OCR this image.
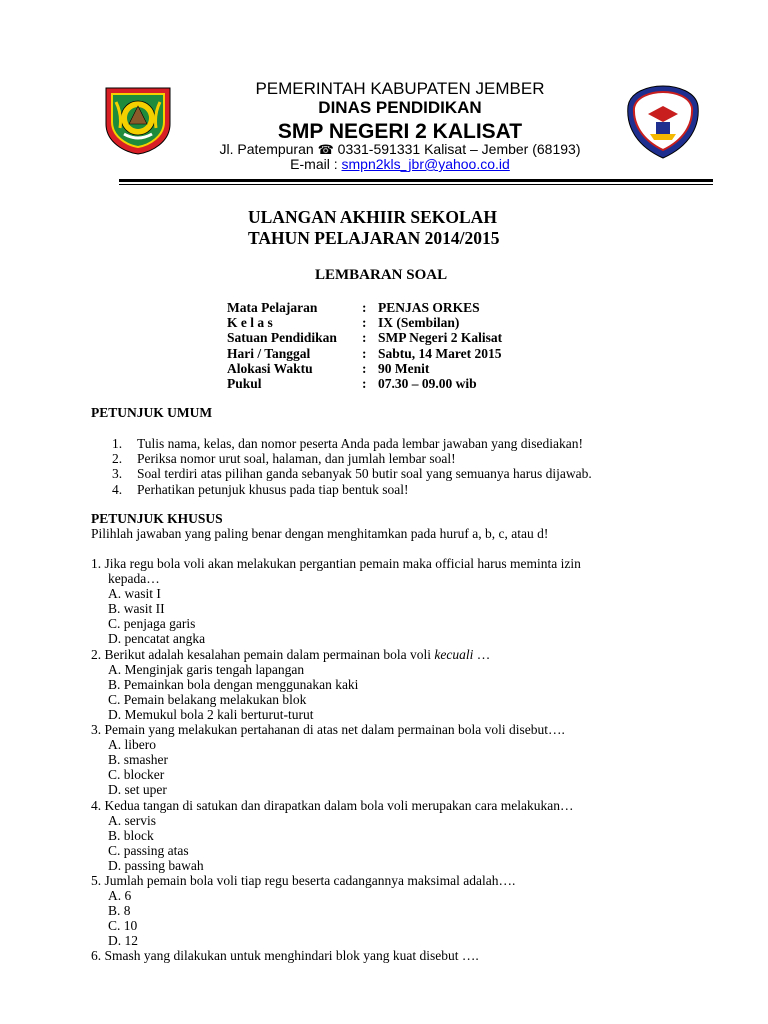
PEMERINTAH KABUPATEN JEMBER
DINAS PENDIDIKAN
SMP NEGERI 2 KALISAT
Jl. Patempuran ☎ 0331-591331 Kalisat – Jember (68193)
E-mail : smpn2kls_jbr@yahoo.co.id
ULANGAN AKHIIR SEKOLAH
TAHUN PELAJARAN 2014/2015
LEMBARAN SOAL
Mata Pelajaran	: PENJAS ORKES
K e l a s	: IX (Sembilan)
Satuan Pendidikan	: SMP Negeri 2 Kalisat
Hari / Tanggal	: Sabtu, 14 Maret 2015
Alokasi Waktu	: 90 Menit
Pukul	: 07.30 – 09.00 wib
PETUNJUK UMUM
1.	Tulis nama, kelas, dan nomor peserta Anda pada lembar jawaban yang disediakan!
2.	Periksa nomor urut soal, halaman, dan jumlah lembar soal!
3.	Soal terdiri atas pilihan ganda sebanyak 50 butir soal yang semuanya harus dijawab.
4.	Perhatikan petunjuk khusus pada tiap bentuk soal!
PETUNJUK KHUSUS
Pilihlah jawaban yang paling benar dengan menghitamkan pada huruf a, b, c, atau d!
1. Jika regu bola voli akan melakukan pergantian pemain maka official harus meminta izin
kepada…
A. wasit I
B. wasit II
C. penjaga garis
D. pencatat angka
2. Berikut adalah kesalahan pemain dalam permainan bola voli kecuali …
A. Menginjak garis tengah lapangan
B. Pemainkan bola dengan menggunakan kaki
C. Pemain belakang melakukan blok
D. Memukul bola 2 kali berturut-turut
3. Pemain yang melakukan pertahanan di atas net dalam permainan bola voli disebut….
A. libero
B. smasher
C. blocker
D. set uper
4. Kedua tangan di satukan dan dirapatkan dalam bola voli merupakan cara melakukan…
A. servis
B. block
C. passing atas
D. passing bawah
5. Jumlah pemain bola voli tiap regu beserta cadangannya maksimal adalah….
A. 6
B. 8
C. 10
D. 12
6. Smash yang dilakukan untuk menghindari blok yang kuat disebut ….
